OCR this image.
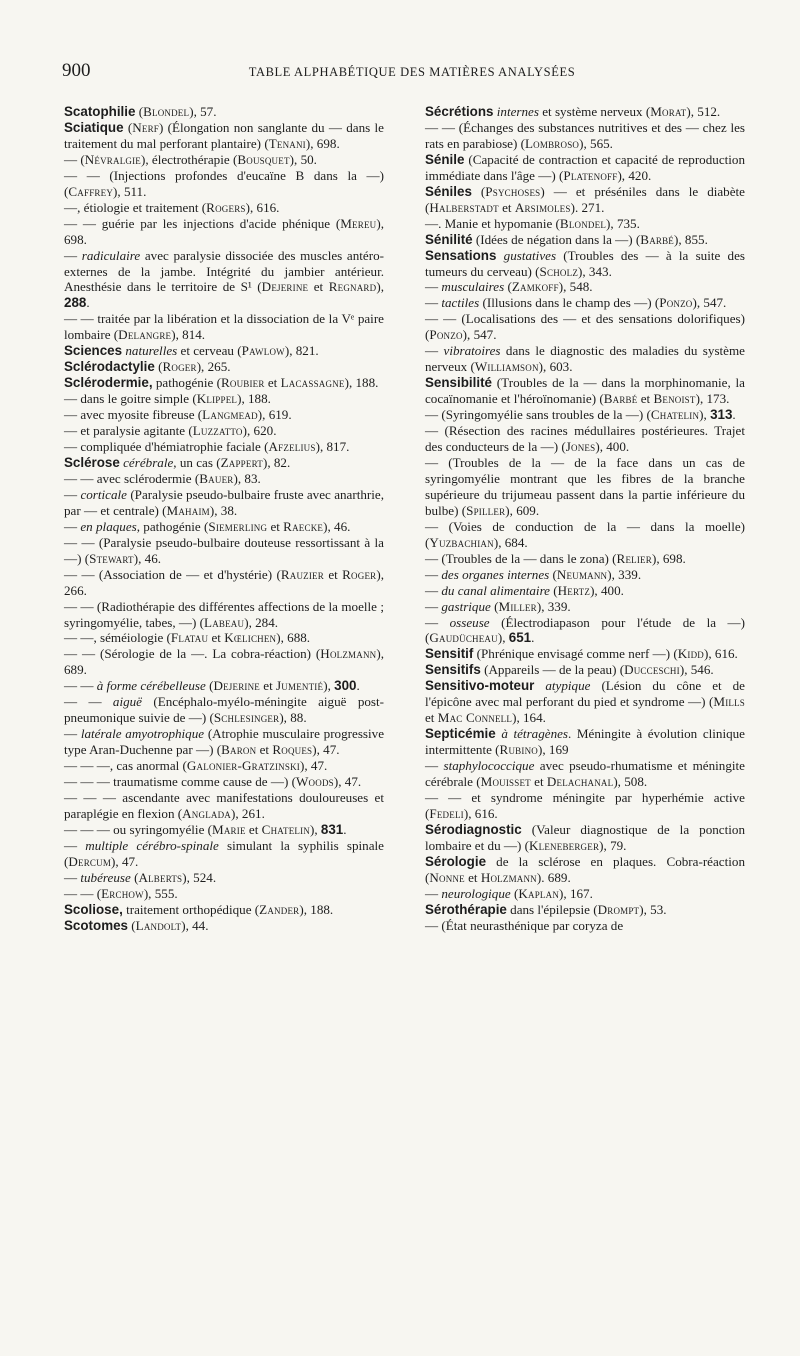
900	TABLE ALPHABÉTIQUE DES MATIÈRES ANALYSÉES

Scatophilie (Blondel), 57.

Sciatique (Nerf) (Élongation non sanglante du — dans le traitement du mal perforant plantaire) (Tenani), 698.

— (Névralgie), électrothérapie (Bousquet), 50.

— — (Injections profondes d'eucaïne B dans la —) (Caffrey), 511.

—, étiologie et traitement (Rogers), 616.

— — guérie par les injections d'acide phénique (Mereu), 698.

— radiculaire avec paralysie dissociée des muscles antéro-externes de la jambe. Intégrité du jambier antérieur. Anesthésie dans le territoire de S¹ (Dejerine et Regnard), 288.

— — traitée par la libération et la dissociation de la Vᵉ paire lombaire (Delangre), 814.

Sciences naturelles et cerveau (Pawlow), 821.

Sclérodactylie (Roger), 265.

Sclérodermie, pathogénie (Roubier et Lacassagne), 188.

— dans le goitre simple (Klippel), 188.

— avec myosite fibreuse (Langmead), 619.

— et paralysie agitante (Luzzatto), 620.

— compliquée d'hémiatrophie faciale (Afzelius), 817.

Sclérose cérébrale, un cas (Zappert), 82.

— — avec sclérodermie (Bauer), 83.

— corticale (Paralysie pseudo-bulbaire fruste avec anarthrie, par — et centrale) (Mahaim), 38.

— en plaques, pathogénie (Siemerling et Raecke), 46.

— — (Paralysie pseudo-bulbaire douteuse ressortissant à la —) (Stewart), 46.

— — (Association de — et d'hystérie) (Rauzier et Roger), 266.

— — (Radiothérapie des différentes affections de la moelle ; syringomyélie, tabes, —) (Labeau), 284.

— —, séméiologie (Flatau et Kœlichen), 688.

— — (Sérologie de la —. La cobra-réaction) (Holzmann), 689.

— — à forme cérébelleuse (Dejerine et Jumentié), 300.

— — aiguë (Encéphalo-myélo-méningite aiguë post-pneumonique suivie de —) (Schlesinger), 88.

— latérale amyotrophique (Atrophie musculaire progressive type Aran-Duchenne par —) (Baron et Roques), 47.

— — —, cas anormal (Galonier-Gratzinski), 47.

— — — traumatisme comme cause de —) (Woods), 47.

— — — ascendante avec manifestations douloureuses et paraplégie en flexion (Anglada), 261.

— — — ou syringomyélie (Marie et Chatelin), 831.

— multiple cérébro-spinale simulant la syphilis spinale (Dercum), 47.

— tubéreuse (Alberts), 524.

— — (Erchow), 555.

Scoliose, traitement orthopédique (Zander), 188.

Scotomes (Landolt), 44.

Sécrétions internes et système nerveux (Morat), 512.

— — (Échanges des substances nutritives et des — chez les rats en parabiose) (Lombroso), 565.

Sénile (Capacité de contraction et capacité de reproduction immédiate dans l'âge —) (Platenoff), 420.

Séniles (Psychoses) — et préséniles dans le diabète (Halberstadt et Arsimoles). 271.

—. Manie et hypomanie (Blondel), 735.

Sénilité (Idées de négation dans la —) (Barbé), 855.

Sensations gustatives (Troubles des — à la suite des tumeurs du cerveau) (Scholz), 343.

— musculaires (Zamkoff), 548.

— tactiles (Illusions dans le champ des —) (Ponzo), 547.

— — (Localisations des — et des sensations dolorifiques) (Ponzo), 547.

— vibratoires dans le diagnostic des maladies du système nerveux (Williamson), 603.

Sensibilité (Troubles de la — dans la morphinomanie, la cocaïnomanie et l'héroïnomanie) (Barbé et Benoist), 173.

— (Syringomyélie sans troubles de la —) (Chatelin), 313.

— (Résection des racines médullaires postérieures. Trajet des conducteurs de la —) (Jones), 400.

— (Troubles de la — de la face dans un cas de syringomyélie montrant que les fibres de la branche supérieure du trijumeau passent dans la partie inférieure du bulbe) (Spiller), 609.

— (Voies de conduction de la — dans la moelle) (Yuzbachian), 684.

— (Troubles de la — dans le zona) (Relier), 698.

— des organes internes (Neumann), 339.

— du canal alimentaire (Hertz), 400.

— gastrique (Miller), 339.

— osseuse (Électrodiapason pour l'étude de la —) (Gaudücheau), 651.

Sensitif (Phrénique envisagé comme nerf —) (Kidd), 616.

Sensitifs (Appareils — de la peau) (Ducceschi), 546.

Sensitivo-moteur atypique (Lésion du cône et de l'épicône avec mal perforant du pied et syndrome —) (Mills et Mac Connell), 164.

Septicémie à tétragènes. Méningite à évolution clinique intermittente (Rubino), 169

— staphylococcique avec pseudo-rhumatisme et méningite cérébrale (Mouisset et Delachanal), 508.

— — et syndrome méningite par hyperhémie active (Fedeli), 616.

Sérodiagnostic (Valeur diagnostique de la ponction lombaire et du —) (Kleneberger), 79.

Sérologie de la sclérose en plaques. Cobra-réaction (Nonne et Holzmann). 689.

— neurologique (Kaplan), 167.

Sérothérapie dans l'épilepsie (Drompt), 53.

— (État neurasthénique par coryza de
